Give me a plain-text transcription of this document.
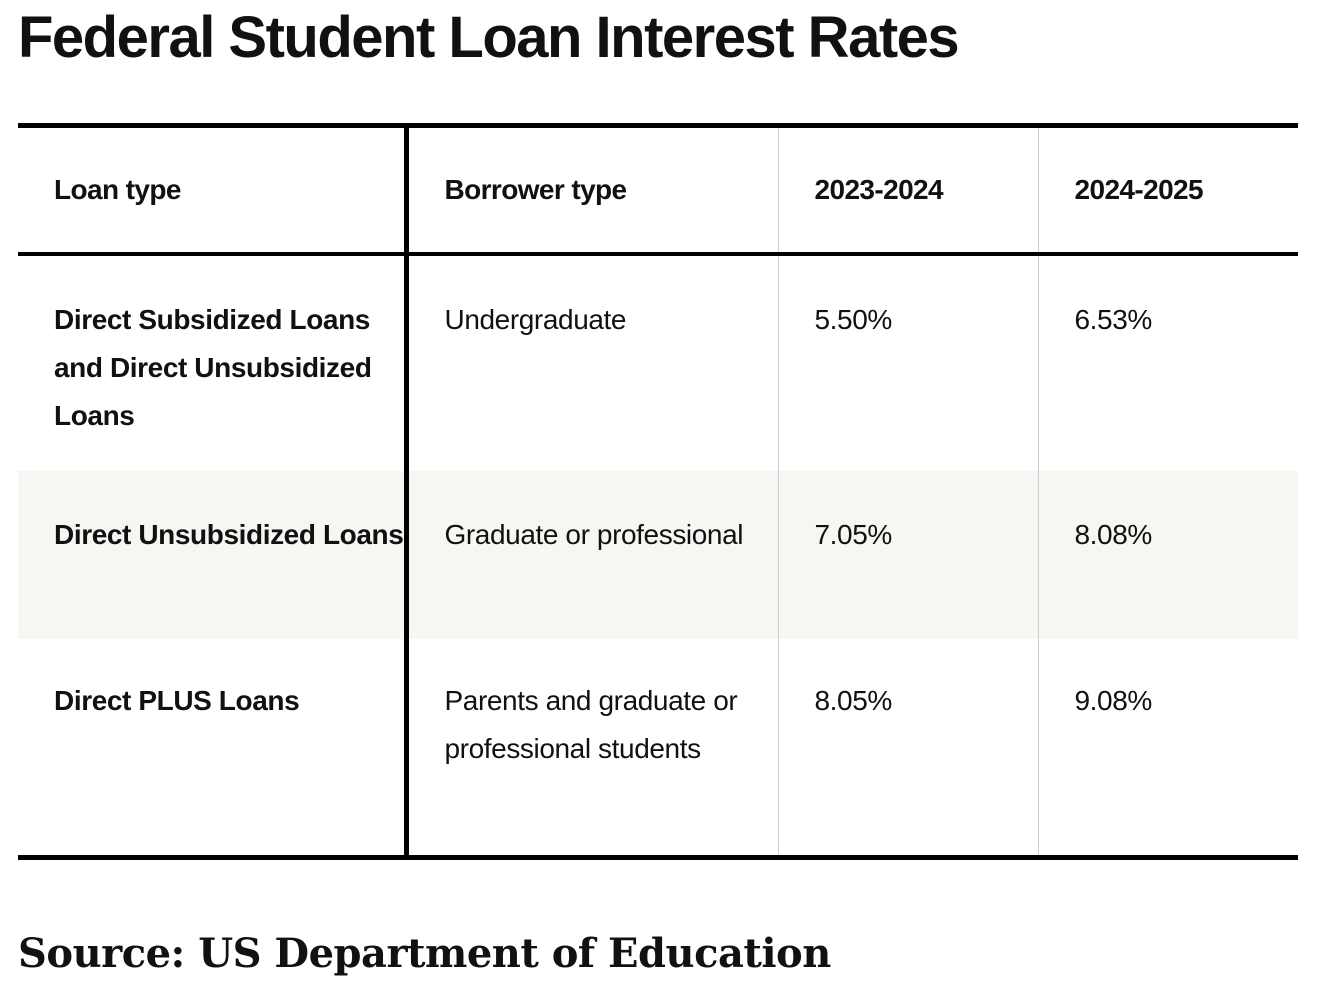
Federal Student Loan Interest Rates
Loan type	Borrower type	2023-2024	2024-2025
Direct Subsidized Loans and Direct Unsubsidized Loans	Undergraduate	5.50%	6.53%
Direct Unsubsidized Loans	Graduate or professional	7.05%	8.08%
Direct PLUS Loans	Parents and graduate or professional students	8.05%	9.08%

Source: US Department of Education
